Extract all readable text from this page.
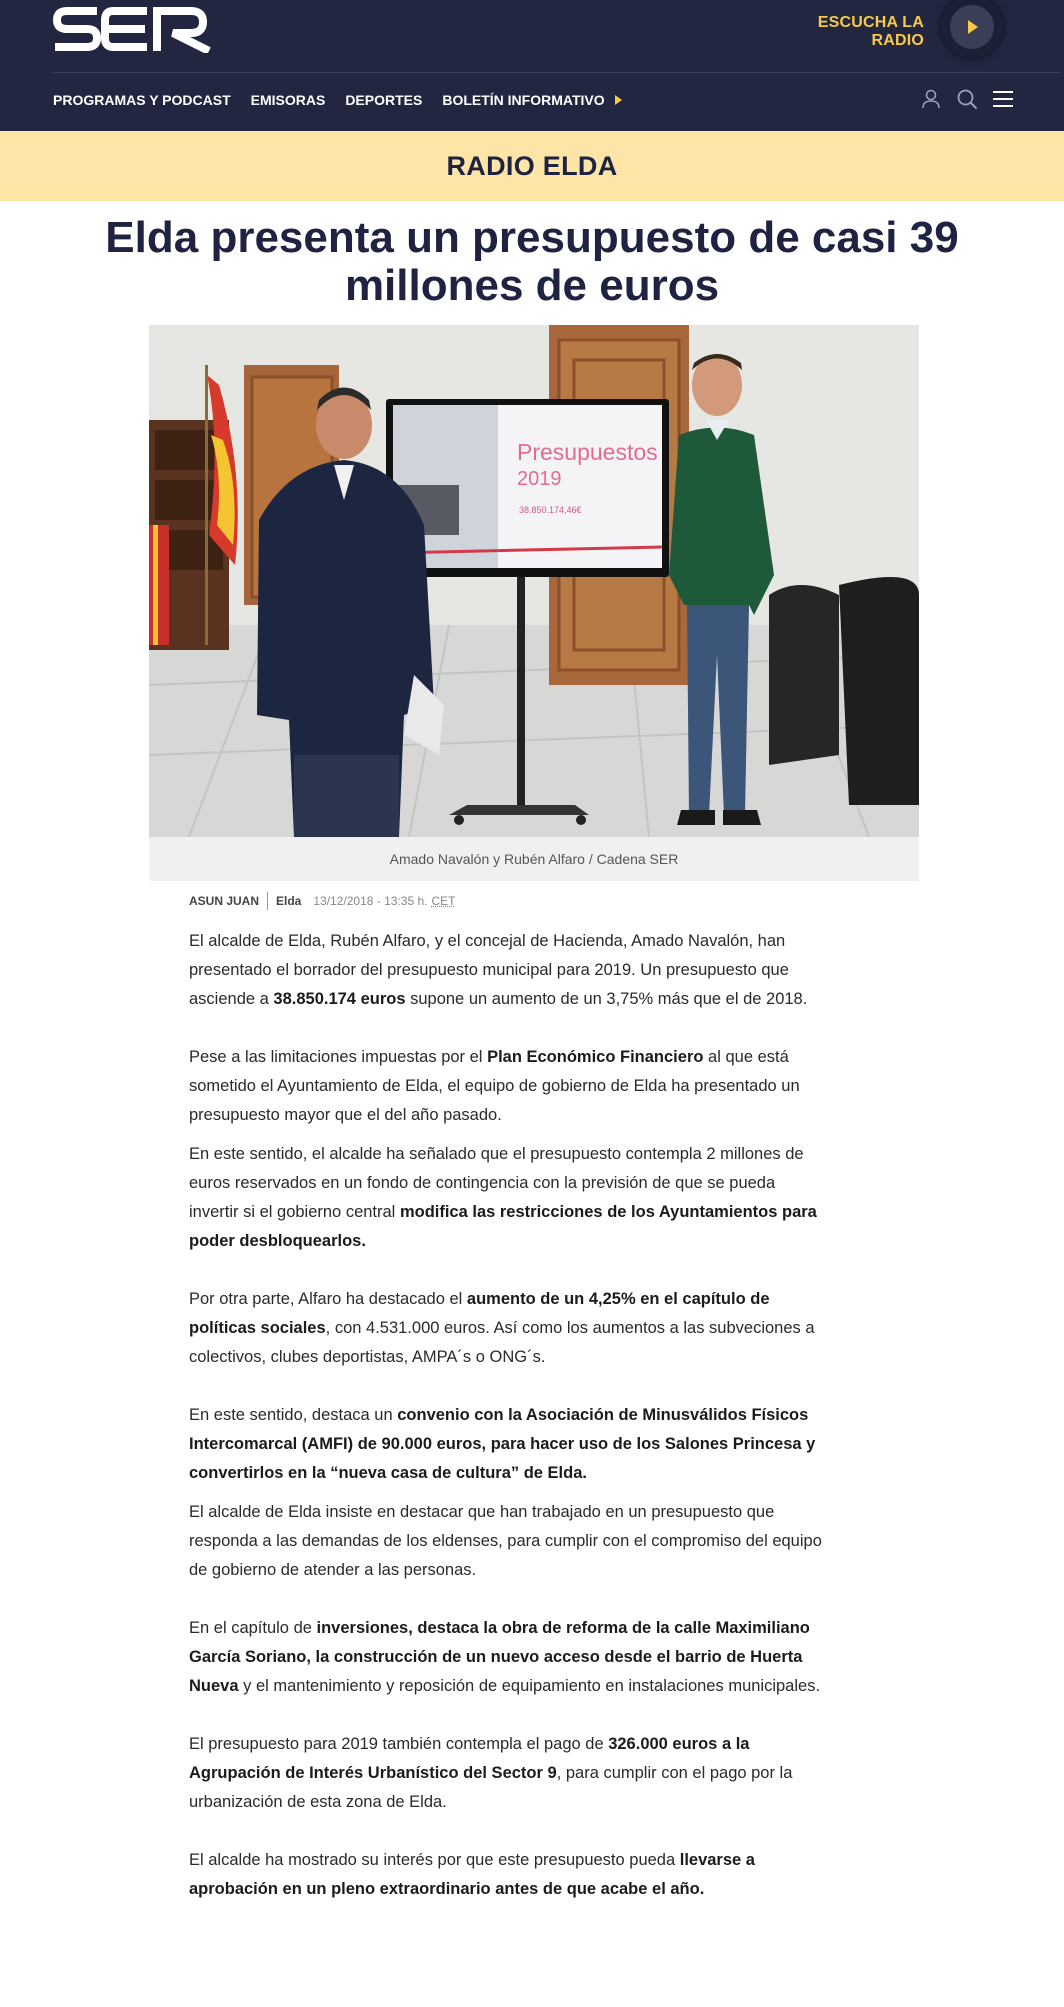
ESCUCHA LA RADIO
PROGRAMAS Y PODCAST EMISORAS DEPORTES BOLETÍN INFORMATIVO
RADIO ELDA
Elda presenta un presupuesto de casi 39 millones de euros
Presupuestos
2019
38.850.174,46€
Amado Navalón y Rubén Alfaro / Cadena SER
ASUN JUAN Elda 13/12/2018 - 13:35 h. CET

El alcalde de Elda, Rubén Alfaro, y el concejal de Hacienda, Amado Navalón, han presentado el borrador del presupuesto municipal para 2019. Un presupuesto que asciende a 38.850.174 euros supone un aumento de un 3,75% más que el de 2018.

Pese a las limitaciones impuestas por el Plan Económico Financiero al que está sometido el Ayuntamiento de Elda, el equipo de gobierno de Elda ha presentado un presupuesto mayor que el del año pasado.

En este sentido, el alcalde ha señalado que el presupuesto contempla 2 millones de euros reservados en un fondo de contingencia con la previsión de que se pueda invertir si el gobierno central modifica las restricciones de los Ayuntamientos para poder desbloquearlos.

Por otra parte, Alfaro ha destacado el aumento de un 4,25% en el capítulo de políticas sociales, con 4.531.000 euros. Así como los aumentos a las subveciones a colectivos, clubes deportistas, AMPA´s o ONG´s.

En este sentido, destaca un convenio con la Asociación de Minusválidos Físicos Intercomarcal (AMFI) de 90.000 euros, para hacer uso de los Salones Princesa y convertirlos en la “nueva casa de cultura” de Elda.

El alcalde de Elda insiste en destacar que han trabajado en un presupuesto que responda a las demandas de los eldenses, para cumplir con el compromiso del equipo de gobierno de atender a las personas.

En el capítulo de inversiones, destaca la obra de reforma de la calle Maximiliano García Soriano, la construcción de un nuevo acceso desde el barrio de Huerta Nueva y el mantenimiento y reposición de equipamiento en instalaciones municipales.

El presupuesto para 2019 también contempla el pago de 326.000 euros a la Agrupación de Interés Urbanístico del Sector 9, para cumplir con el pago por la urbanización de esta zona de Elda.

El alcalde ha mostrado su interés por que este presupuesto pueda llevarse a aprobación en un pleno extraordinario antes de que acabe el año.
